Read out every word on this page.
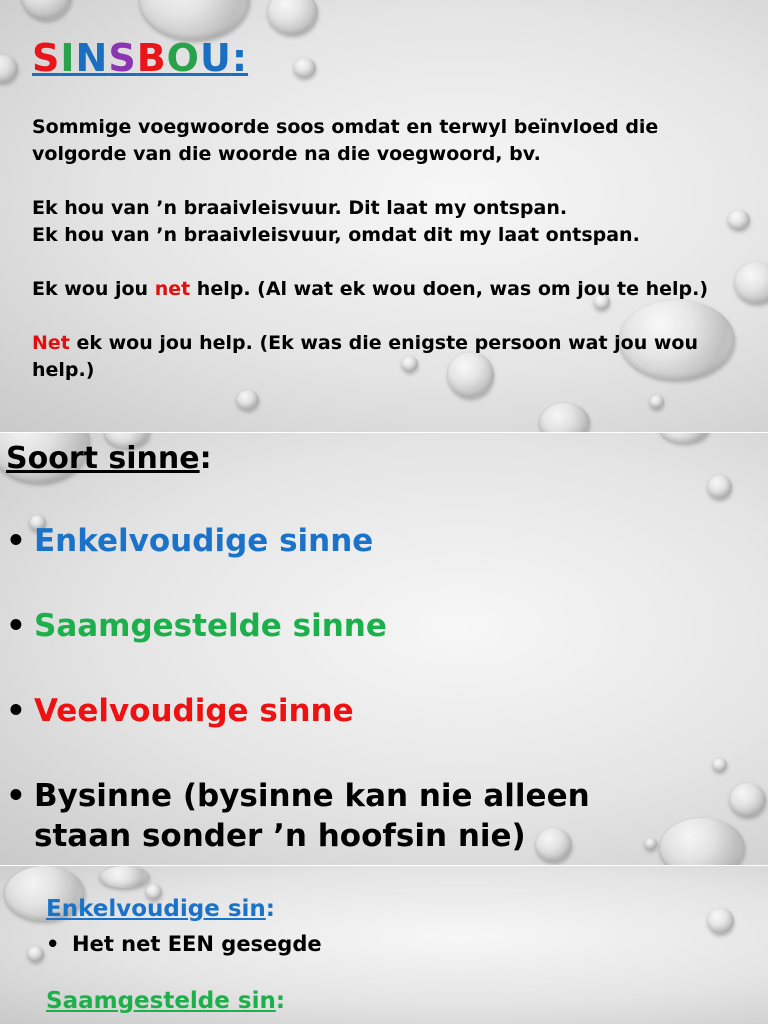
SINSBOU:

Sommige voegwoorde soos omdat en terwyl beïnvloed die
volgorde van die woorde na die voegwoord, bv.

Ek hou van ’n braaivleisvuur. Dit laat my ontspan.
Ek hou van ’n braaivleisvuur, omdat dit my laat ontspan.

Ek wou jou net help. (Al wat ek wou doen, was om jou te help.)

Net ek wou jou help. (Ek was die enigste persoon wat jou wou help.)

Soort sinne:

• Enkelvoudige sinne

• Saamgestelde sinne

• Veelvoudige sinne

• Bysinne (bysinne kan nie alleen
staan sonder ’n hoofsin nie)

Enkelvoudige sin:

• Het net EEN gesegde

Saamgestelde sin:
